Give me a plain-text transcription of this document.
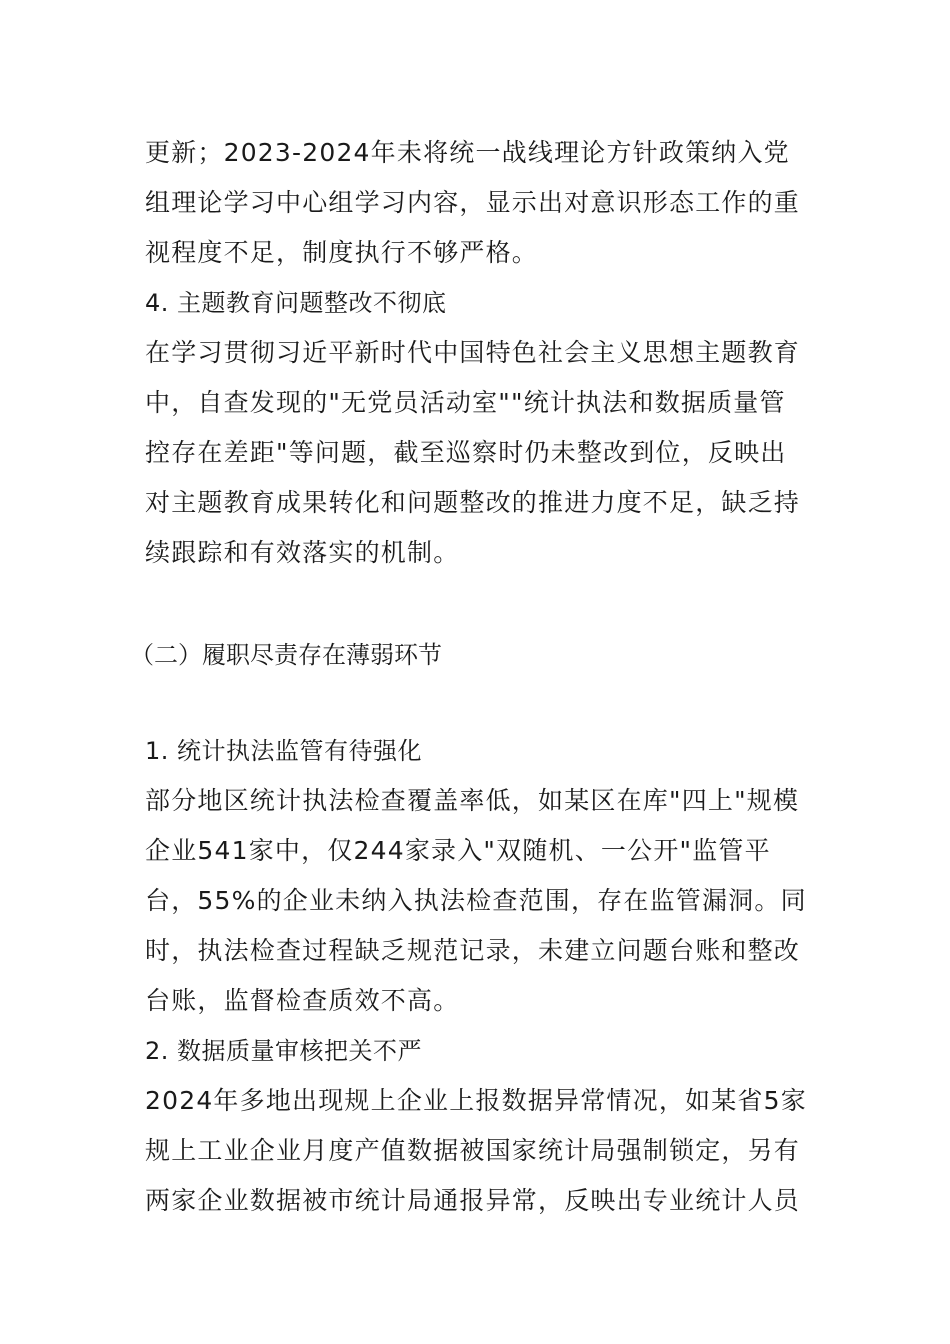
更新；2023-2024年未将统一战线理论方针政策纳入党组理论学习中心组学习内容，显示出对意识形态工作的重视程度不足，制度执行不够严格。

4. 主题教育问题整改不彻底

在学习贯彻习近平新时代中国特色社会主义思想主题教育中，自查发现的"无党员活动室""统计执法和数据质量管控存在差距"等问题，截至巡察时仍未整改到位，反映出对主题教育成果转化和问题整改的推进力度不足，缺乏持续跟踪和有效落实的机制。

（二）履职尽责存在薄弱环节

1. 统计执法监管有待强化

部分地区统计执法检查覆盖率低，如某区在库"四上"规模企业541家中，仅244家录入"双随机、一公开"监管平台，55%的企业未纳入执法检查范围，存在监管漏洞。同时，执法检查过程缺乏规范记录，未建立问题台账和整改台账，监督检查质效不高。

2. 数据质量审核把关不严

2024年多地出现规上企业上报数据异常情况，如某省5家规上工业企业月度产值数据被国家统计局强制锁定，另有两家企业数据被市统计局通报异常，反映出专业统计人员
